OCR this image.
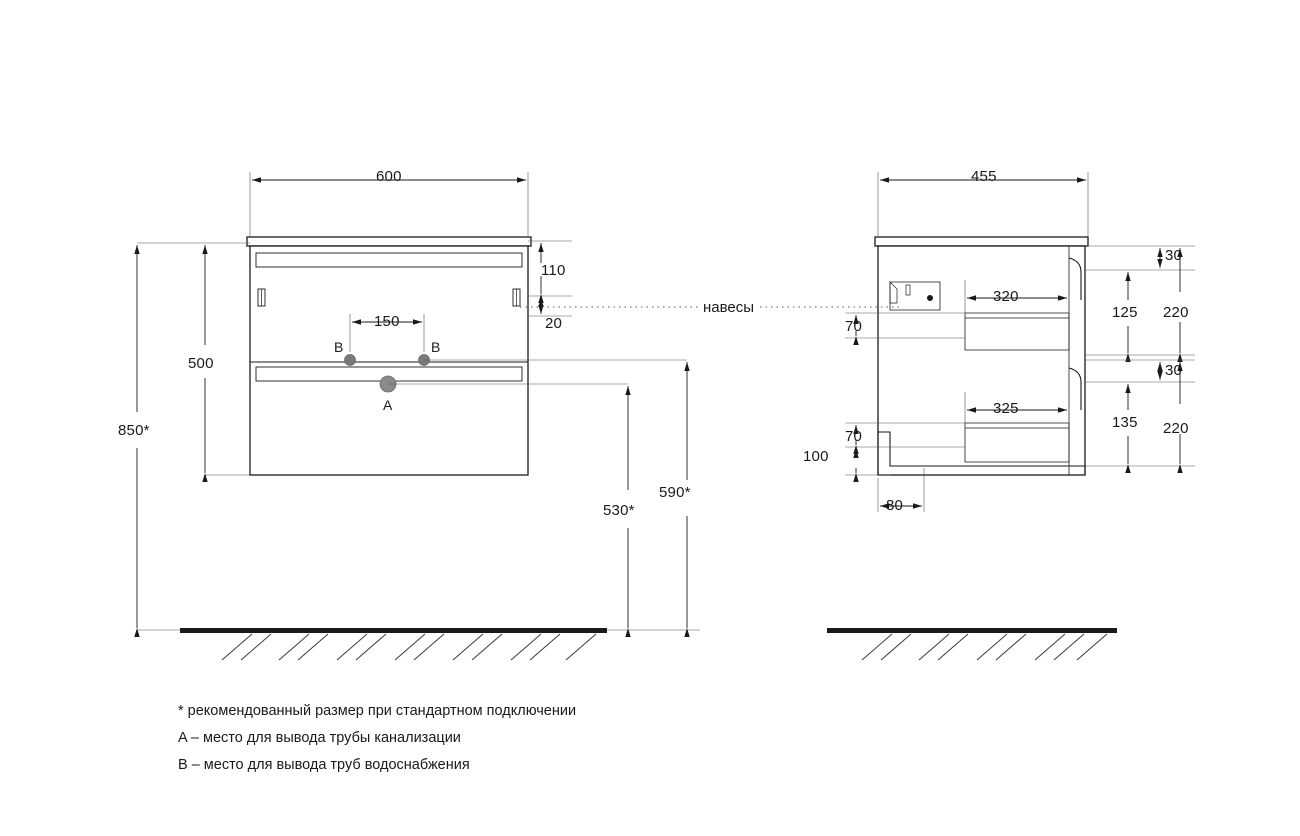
600
110
20
150
500
850*
530*
590*
навесы
B	B
A
455
30
320
125 220
70
30
325
135 220
70
100
80
* рекомендованный размер при стандартном подключении
A – место для вывода трубы канализации
B – место для вывода труб водоснабжения
